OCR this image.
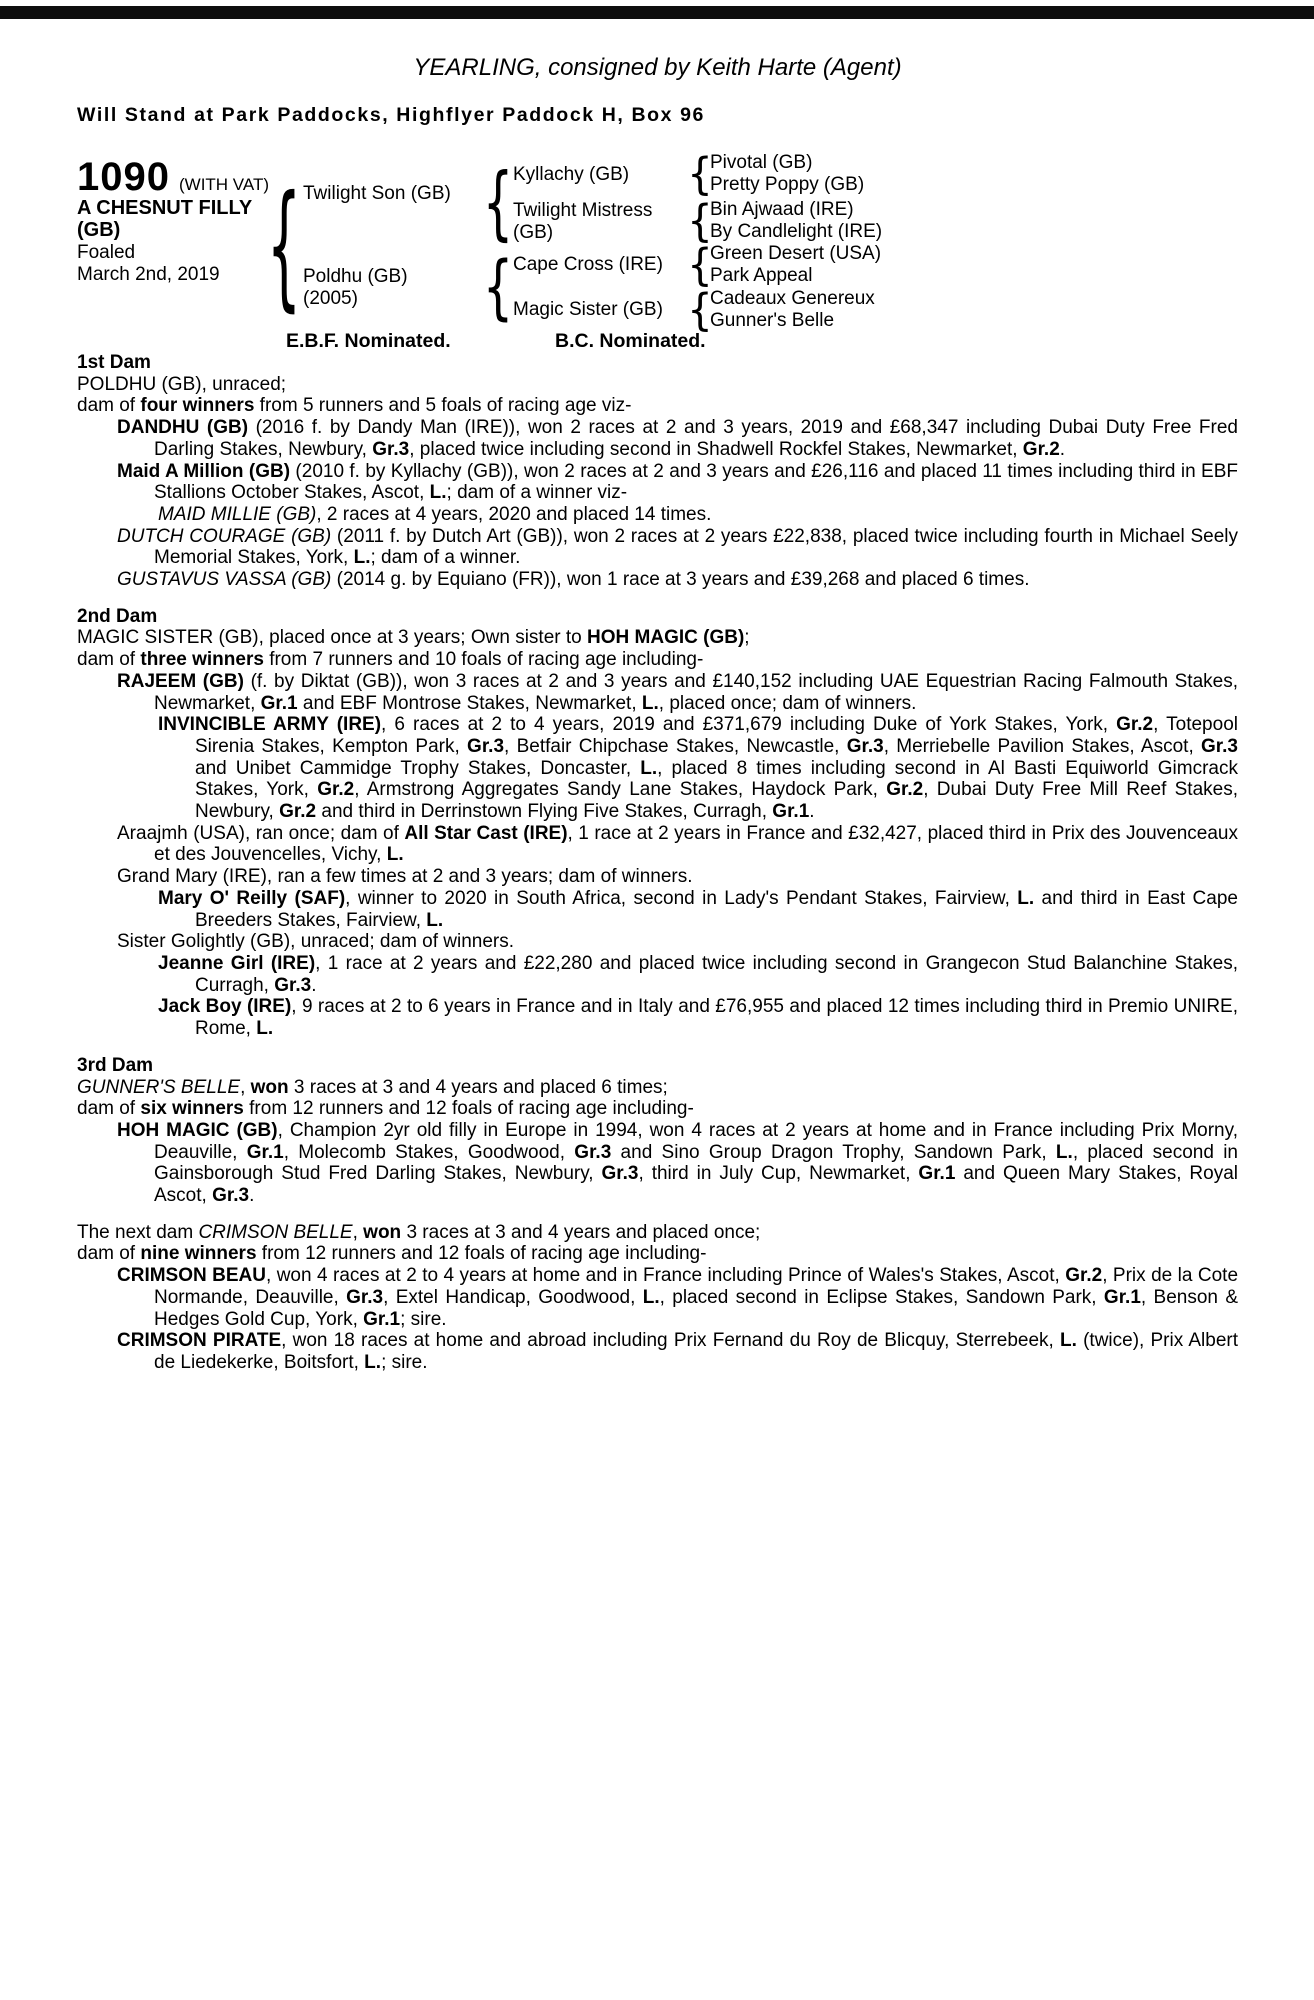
YEARLING, consigned by Keith Harte (Agent)
Will Stand at Park Paddocks, Highflyer Paddock H, Box 96
1090 (WITH VAT)
A CHESNUT FILLY (GB)
Foaled
March 2nd, 2019
{
{
{
{
{
{
{
Twilight Son (GB)
Poldhu (GB)
(2005)
Kyllachy (GB)
Twilight Mistress (GB)
Cape Cross (IRE)
Magic Sister (GB)
Pivotal (GB)
Pretty Poppy (GB)
Bin Ajwaad (IRE)
By Candlelight (IRE)
Green Desert (USA)
Park Appeal
Cadeaux Genereux
Gunner's Belle
E.B.F. Nominated.	B.C. Nominated.
1st Dam

POLDHU (GB), unraced;

dam of four winners from 5 runners and 5 foals of racing age viz-

DANDHU (GB) (2016 f. by Dandy Man (IRE)), won 2 races at 2 and 3 years, 2019 and £68,347 including Dubai Duty Free Fred Darling Stakes, Newbury, Gr.3, placed twice including second in Shadwell Rockfel Stakes, Newmarket, Gr.2.

Maid A Million (GB) (2010 f. by Kyllachy (GB)), won 2 races at 2 and 3 years and £26,116 and placed 11 times including third in EBF Stallions October Stakes, Ascot, L.; dam of a winner viz-

MAID MILLIE (GB), 2 races at 4 years, 2020 and placed 14 times.

DUTCH COURAGE (GB) (2011 f. by Dutch Art (GB)), won 2 races at 2 years £22,838, placed twice including fourth in Michael Seely Memorial Stakes, York, L.; dam of a winner.

GUSTAVUS VASSA (GB) (2014 g. by Equiano (FR)), won 1 race at 3 years and £39,268 and placed 6 times.

2nd Dam

MAGIC SISTER (GB), placed once at 3 years; Own sister to HOH MAGIC (GB);

dam of three winners from 7 runners and 10 foals of racing age including-

RAJEEM (GB) (f. by Diktat (GB)), won 3 races at 2 and 3 years and £140,152 including UAE Equestrian Racing Falmouth Stakes, Newmarket, Gr.1 and EBF Montrose Stakes, Newmarket, L., placed once; dam of winners.

INVINCIBLE ARMY (IRE), 6 races at 2 to 4 years, 2019 and £371,679 including Duke of York Stakes, York, Gr.2, Totepool Sirenia Stakes, Kempton Park, Gr.3, Betfair Chipchase Stakes, Newcastle, Gr.3, Merriebelle Pavilion Stakes, Ascot, Gr.3 and Unibet Cammidge Trophy Stakes, Doncaster, L., placed 8 times including second in Al Basti Equiworld Gimcrack Stakes, York, Gr.2, Armstrong Aggregates Sandy Lane Stakes, Haydock Park, Gr.2, Dubai Duty Free Mill Reef Stakes, Newbury, Gr.2 and third in Derrinstown Flying Five Stakes, Curragh, Gr.1.

Araajmh (USA), ran once; dam of All Star Cast (IRE), 1 race at 2 years in France and £32,427, placed third in Prix des Jouvenceaux et des Jouvencelles, Vichy, L.

Grand Mary (IRE), ran a few times at 2 and 3 years; dam of winners.

Mary O' Reilly (SAF), winner to 2020 in South Africa, second in Lady's Pendant Stakes, Fairview, L. and third in East Cape Breeders Stakes, Fairview, L.

Sister Golightly (GB), unraced; dam of winners.

Jeanne Girl (IRE), 1 race at 2 years and £22,280 and placed twice including second in Grangecon Stud Balanchine Stakes, Curragh, Gr.3.

Jack Boy (IRE), 9 races at 2 to 6 years in France and in Italy and £76,955 and placed 12 times including third in Premio UNIRE, Rome, L.

3rd Dam

GUNNER'S BELLE, won 3 races at 3 and 4 years and placed 6 times;

dam of six winners from 12 runners and 12 foals of racing age including-

HOH MAGIC (GB), Champion 2yr old filly in Europe in 1994, won 4 races at 2 years at home and in France including Prix Morny, Deauville, Gr.1, Molecomb Stakes, Goodwood, Gr.3 and Sino Group Dragon Trophy, Sandown Park, L., placed second in Gainsborough Stud Fred Darling Stakes, Newbury, Gr.3, third in July Cup, Newmarket, Gr.1 and Queen Mary Stakes, Royal Ascot, Gr.3.

The next dam CRIMSON BELLE, won 3 races at 3 and 4 years and placed once;

dam of nine winners from 12 runners and 12 foals of racing age including-

CRIMSON BEAU, won 4 races at 2 to 4 years at home and in France including Prince of Wales's Stakes, Ascot, Gr.2, Prix de la Cote Normande, Deauville, Gr.3, Extel Handicap, Goodwood, L., placed second in Eclipse Stakes, Sandown Park, Gr.1, Benson & Hedges Gold Cup, York, Gr.1; sire.

CRIMSON PIRATE, won 18 races at home and abroad including Prix Fernand du Roy de Blicquy, Sterrebeek, L. (twice), Prix Albert de Liedekerke, Boitsfort, L.; sire.
